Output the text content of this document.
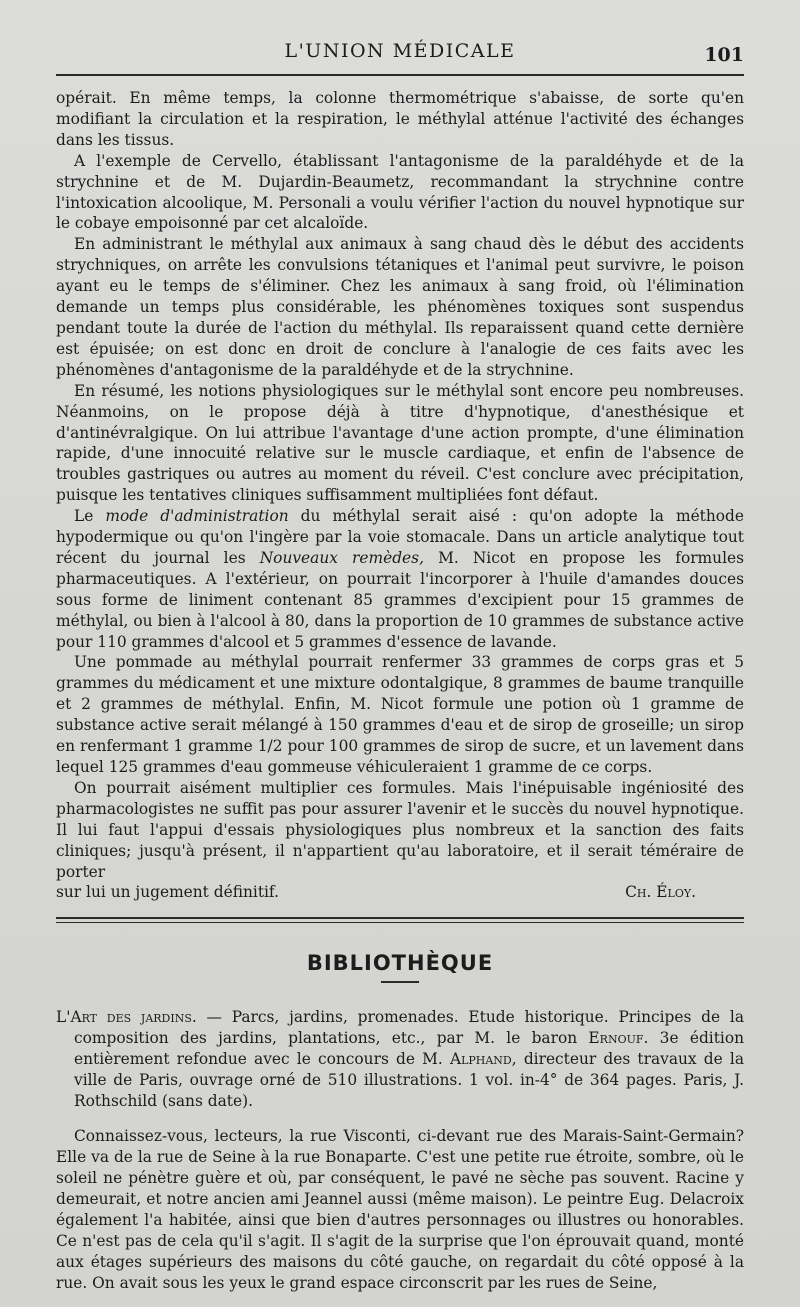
L'UNION MÉDICALE	101

opérait. En même temps, la colonne thermométrique s'abaisse, de sorte qu'en modifiant la circulation et la respiration, le méthylal atténue l'activité des échanges dans les tissus.

A l'exemple de Cervello, établissant l'antagonisme de la paraldéhyde et de la strychnine et de M. Dujardin-Beaumetz, recommandant la strychnine contre l'intoxication alcoolique, M. Personali a voulu vérifier l'action du nouvel hypnotique sur le cobaye empoisonné par cet alcaloïde.

En administrant le méthylal aux animaux à sang chaud dès le début des accidents strychniques, on arrête les convulsions tétaniques et l'animal peut survivre, le poison ayant eu le temps de s'éliminer. Chez les animaux à sang froid, où l'élimination demande un temps plus considérable, les phénomènes toxiques sont suspendus pendant toute la durée de l'action du méthylal. Ils reparaissent quand cette dernière est épuisée; on est donc en droit de conclure à l'analogie de ces faits avec les phénomènes d'antagonisme de la paraldéhyde et de la strychnine.

En résumé, les notions physiologiques sur le méthylal sont encore peu nombreuses. Néanmoins, on le propose déjà à titre d'hypnotique, d'anesthésique et d'antinévralgique. On lui attribue l'avantage d'une action prompte, d'une élimination rapide, d'une innocuité relative sur le muscle cardiaque, et enfin de l'absence de troubles gastriques ou autres au moment du réveil. C'est conclure avec précipitation, puisque les tentatives cliniques suffisamment multipliées font défaut.

Le mode d'administration du méthylal serait aisé : qu'on adopte la méthode hypodermique ou qu'on l'ingère par la voie stomacale. Dans un article analytique tout récent du journal les Nouveaux remèdes, M. Nicot en propose les formules pharmaceutiques. A l'extérieur, on pourrait l'incorporer à l'huile d'amandes douces sous forme de liniment contenant 85 grammes d'excipient pour 15 grammes de méthylal, ou bien à l'alcool à 80, dans la proportion de 10 grammes de substance active pour 110 grammes d'alcool et 5 grammes d'essence de lavande.

Une pommade au méthylal pourrait renfermer 33 grammes de corps gras et 5 grammes du médicament et une mixture odontalgique, 8 grammes de baume tranquille et 2 grammes de méthylal. Enfin, M. Nicot formule une potion où 1 gramme de substance active serait mélangé à 150 grammes d'eau et de sirop de groseille; un sirop en renfermant 1 gramme 1/2 pour 100 grammes de sirop de sucre, et un lavement dans lequel 125 grammes d'eau gommeuse véhiculeraient 1 gramme de ce corps.

On pourrait aisément multiplier ces formules. Mais l'inépuisable ingéniosité des pharmacologistes ne suffit pas pour assurer l'avenir et le succès du nouvel hypnotique. Il lui faut l'appui d'essais physiologiques plus nombreux et la sanction des faits cliniques; jusqu'à présent, il n'appartient qu'au laboratoire, et il serait téméraire de porter

sur lui un jugement définitif.	Ch. Éloy.
BIBLIOTHÈQUE

L'Art des jardins. — Parcs, jardins, promenades. Etude historique. Principes de la composition des jardins, plantations, etc., par M. le baron Ernouf. 3e édition entièrement refondue avec le concours de M. Alphand, directeur des travaux de la ville de Paris, ouvrage orné de 510 illustrations. 1 vol. in-4° de 364 pages. Paris, J. Rothschild (sans date).

Connaissez-vous, lecteurs, la rue Visconti, ci-devant rue des Marais-Saint-Germain? Elle va de la rue de Seine à la rue Bonaparte. C'est une petite rue étroite, sombre, où le soleil ne pénètre guère et où, par conséquent, le pavé ne sèche pas souvent. Racine y demeurait, et notre ancien ami Jeannel aussi (même maison). Le peintre Eug. Delacroix également l'a habitée, ainsi que bien d'autres personnages ou illustres ou honorables. Ce n'est pas de cela qu'il s'agit. Il s'agit de la surprise que l'on éprouvait quand, monté aux étages supérieurs des maisons du côté gauche, on regardait du côté opposé à la rue. On avait sous les yeux le grand espace circonscrit par les rues de Seine,
